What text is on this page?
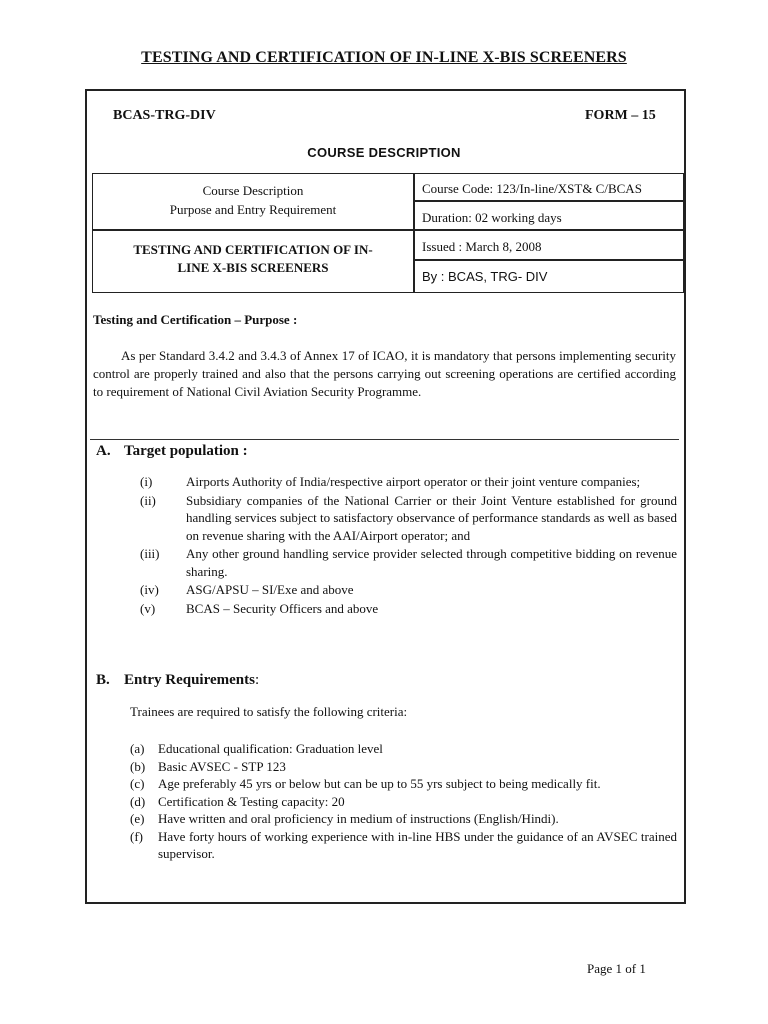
TESTING AND CERTIFICATION OF IN-LINE X-BIS SCREENERS
BCAS-TRG-DIV	FORM – 15
COURSE DESCRIPTION
Course Description
Purpose and Entry Requirement
TESTING AND CERTIFICATION OF IN-
LINE X-BIS SCREENERS
Course Code: 123/In-line/XST& C/BCAS
Duration: 02 working days
Issued : March 8, 2008
By : BCAS, TRG- DIV
Testing and Certification – Purpose :
As per Standard 3.4.2 and 3.4.3 of Annex 17 of ICAO, it is mandatory that persons implementing security control are properly trained and also that the persons carrying out screening operations are certified according to requirement of National Civil Aviation Security Programme.
A. Target population :
(i)	Airports Authority of India/respective airport operator or their joint venture companies;
(ii) Subsidiary companies of the National Carrier or their Joint Venture established for ground handling services subject to satisfactory observance of performance standards as well as based on revenue sharing with the AAI/Airport operator; and
(iii) Any other ground handling service provider selected through competitive bidding on revenue sharing.
(iv) ASG/APSU – SI/Exe and above
(v) BCAS – Security Officers and above
B. Entry Requirements:
Trainees are required to satisfy the following criteria:
(a) Educational qualification: Graduation level
(b) Basic AVSEC - STP 123
(c) Age preferably 45 yrs or below but can be up to 55 yrs subject to being medically fit.
(d) Certification & Testing capacity: 20
(e) Have written and oral proficiency in medium of instructions (English/Hindi).
(f) Have forty hours of working experience with in-line HBS under the guidance of an AVSEC trained supervisor.
Page 1 of 1
